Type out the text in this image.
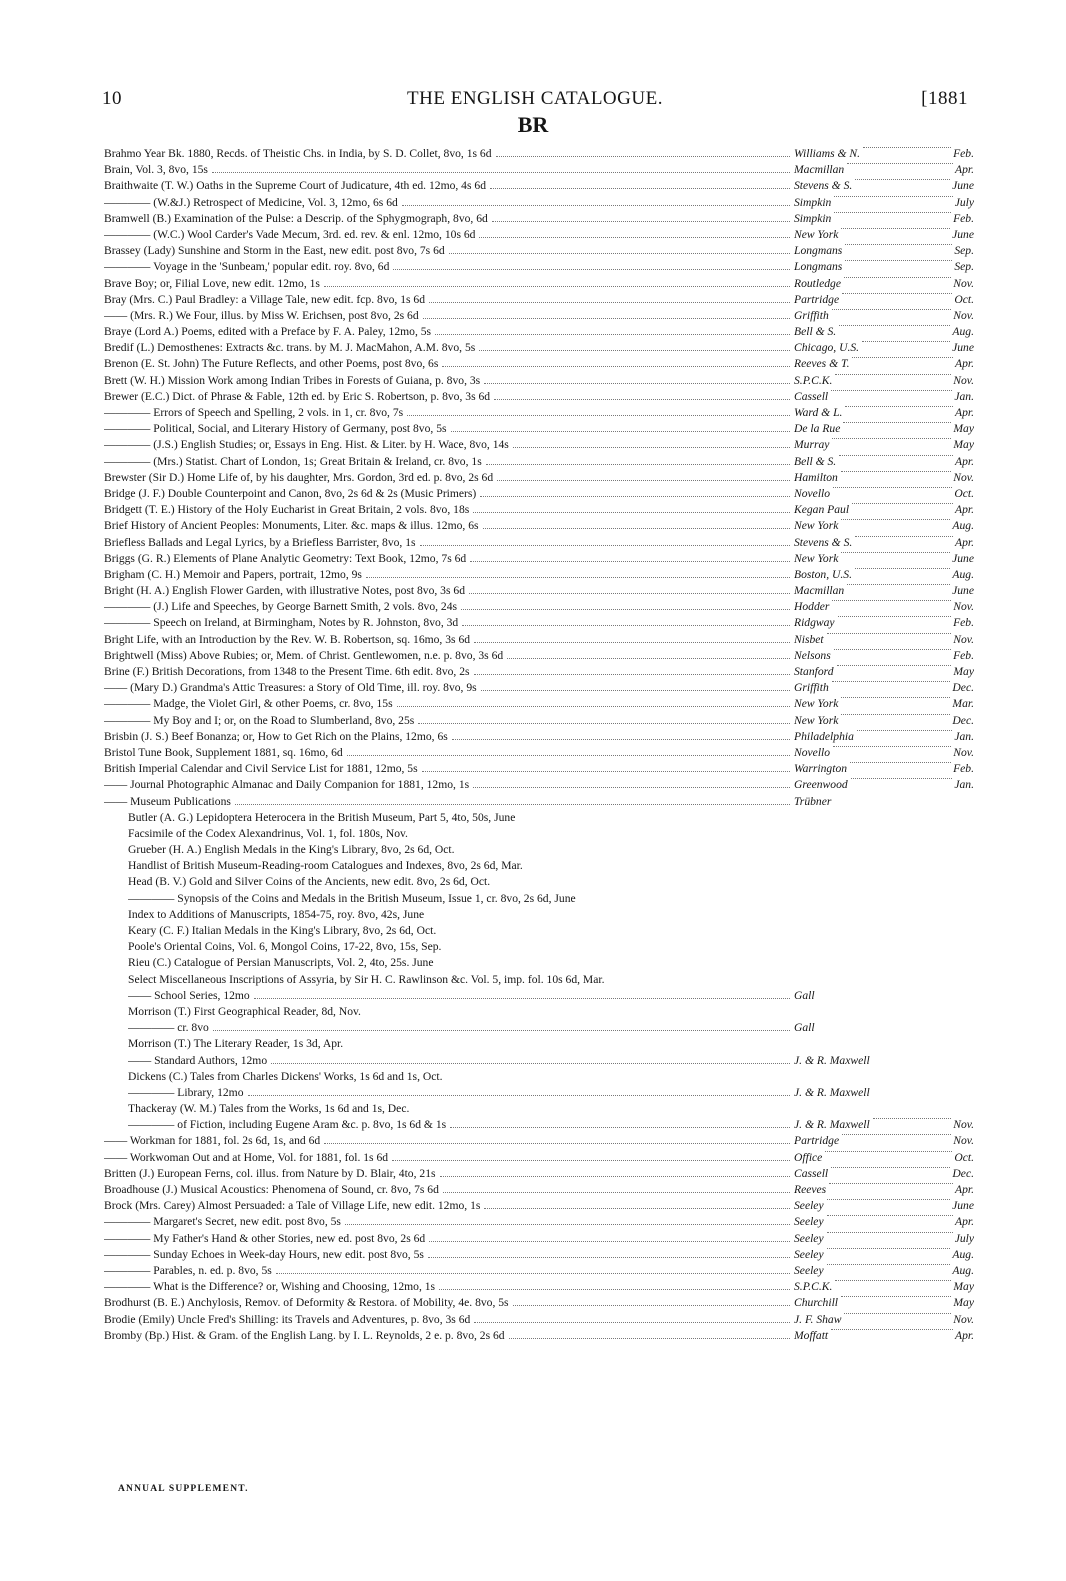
10	THE ENGLISH CATALOGUE.	[1881
BR
Brahmo Year Bk. 1880, Recds. of Theistic Chs. in India, by S. D. Collet, 8vo, 1s 6d	Williams & N.	Feb.
Brain, Vol. 3, 8vo, 15s	Macmillan	Apr.
Braithwaite (T. W.) Oaths in the Supreme Court of Judicature, 4th ed. 12mo, 4s 6d	Stevens & S.	June
———— (W.&J.) Retrospect of Medicine, Vol. 3, 12mo, 6s 6d	Simpkin	July
Bramwell (B.) Examination of the Pulse: a Descrip. of the Sphygmograph, 8vo, 6d	Simpkin	Feb.
———— (W.C.) Wool Carder's Vade Mecum, 3rd. ed. rev. & enl. 12mo, 10s 6d	New York	June
Brassey (Lady) Sunshine and Storm in the East, new edit. post 8vo, 7s 6d	Longmans	Sep.
———— Voyage in the 'Sunbeam,' popular edit. roy. 8vo, 6d	Longmans	Sep.
Brave Boy; or, Filial Love, new edit. 12mo, 1s	Routledge	Nov.
Bray (Mrs. C.) Paul Bradley: a Village Tale, new edit. fcp. 8vo, 1s 6d	Partridge	Oct.
—— (Mrs. R.) We Four, illus. by Miss W. Erichsen, post 8vo, 2s 6d	Griffith	Nov.
Braye (Lord A.) Poems, edited with a Preface by F. A. Paley, 12mo, 5s	Bell & S.	Aug.
Bredif (L.) Demosthenes: Extracts &c. trans. by M. J. MacMahon, A.M. 8vo, 5s	Chicago, U.S.	June
Brenon (E. St. John) The Future Reflects, and other Poems, post 8vo, 6s	Reeves & T.	Apr.
Brett (W. H.) Mission Work among Indian Tribes in Forests of Guiana, p. 8vo, 3s	S.P.C.K.	Nov.
Brewer (E.C.) Dict. of Phrase & Fable, 12th ed. by Eric S. Robertson, p. 8vo, 3s 6d	Cassell	Jan.
———— Errors of Speech and Spelling, 2 vols. in 1, cr. 8vo, 7s	Ward & L.	Apr.
———— Political, Social, and Literary History of Germany, post 8vo, 5s	De la Rue	May
———— (J.S.) English Studies; or, Essays in Eng. Hist. & Liter. by H. Wace, 8vo, 14s	Murray	May
———— (Mrs.) Statist. Chart of London, 1s; Great Britain & Ireland, cr. 8vo, 1s	Bell & S.	Apr.
Brewster (Sir D.) Home Life of, by his daughter, Mrs. Gordon, 3rd ed. p. 8vo, 2s 6d	Hamilton	Nov.
Bridge (J. F.) Double Counterpoint and Canon, 8vo, 2s 6d & 2s (Music Primers)	Novello	Oct.
Bridgett (T. E.) History of the Holy Eucharist in Great Britain, 2 vols. 8vo, 18s	Kegan Paul	Apr.
Brief History of Ancient Peoples: Monuments, Liter. &c. maps & illus. 12mo, 6s	New York	Aug.
Briefless Ballads and Legal Lyrics, by a Briefless Barrister, 8vo, 1s	Stevens & S.	Apr.
Briggs (G. R.) Elements of Plane Analytic Geometry: Text Book, 12mo, 7s 6d	New York	June
Brigham (C. H.) Memoir and Papers, portrait, 12mo, 9s	Boston, U.S.	Aug.
Bright (H. A.) English Flower Garden, with illustrative Notes, post 8vo, 3s 6d	Macmillan	June
———— (J.) Life and Speeches, by George Barnett Smith, 2 vols. 8vo, 24s	Hodder	Nov.
———— Speech on Ireland, at Birmingham, Notes by R. Johnston, 8vo, 3d	Ridgway	Feb.
Bright Life, with an Introduction by the Rev. W. B. Robertson, sq. 16mo, 3s 6d	Nisbet	Nov.
Brightwell (Miss) Above Rubies; or, Mem. of Christ. Gentlewomen, n.e. p. 8vo, 3s 6d	Nelsons	Feb.
Brine (F.) British Decorations, from 1348 to the Present Time. 6th edit. 8vo, 2s	Stanford	May
—— (Mary D.) Grandma's Attic Treasures: a Story of Old Time, ill. roy. 8vo, 9s	Griffith	Dec.
———— Madge, the Violet Girl, & other Poems, cr. 8vo, 15s	New York	Mar.
———— My Boy and I; or, on the Road to Slumberland, 8vo, 25s	New York	Dec.
Brisbin (J. S.) Beef Bonanza; or, How to Get Rich on the Plains, 12mo, 6s	Philadelphia	Jan.
Bristol Tune Book, Supplement 1881, sq. 16mo, 6d	Novello	Nov.
British Imperial Calendar and Civil Service List for 1881, 12mo, 5s	Warrington	Feb.
—— Journal Photographic Almanac and Daily Companion for 1881, 12mo, 1s	Greenwood	Jan.
—— Museum Publications	Trübner
Butler (A. G.) Lepidoptera Heterocera in the British Museum, Part 5, 4to, 50s, June
Facsimile of the Codex Alexandrinus, Vol. 1, fol. 180s, Nov.
Grueber (H. A.) English Medals in the King's Library, 8vo, 2s 6d, Oct.
Handlist of British Museum-Reading-room Catalogues and Indexes, 8vo, 2s 6d, Mar.
Head (B. V.) Gold and Silver Coins of the Ancients, new edit. 8vo, 2s 6d, Oct.
———— Synopsis of the Coins and Medals in the British Museum, Issue 1, cr. 8vo, 2s 6d, June
Index to Additions of Manuscripts, 1854-75, roy. 8vo, 42s, June
Keary (C. F.) Italian Medals in the King's Library, 8vo, 2s 6d, Oct.
Poole's Oriental Coins, Vol. 6, Mongol Coins, 17-22, 8vo, 15s, Sep.
Rieu (C.) Catalogue of Persian Manuscripts, Vol. 2, 4to, 25s. June
Select Miscellaneous Inscriptions of Assyria, by Sir H. C. Rawlinson &c. Vol. 5, imp. fol. 10s 6d, Mar.
—— School Series, 12mo	Gall
Morrison (T.) First Geographical Reader, 8d, Nov.
———— cr. 8vo	Gall
Morrison (T.) The Literary Reader, 1s 3d, Apr.
—— Standard Authors, 12mo	J. & R. Maxwell
Dickens (C.) Tales from Charles Dickens' Works, 1s 6d and 1s, Oct.
———— Library, 12mo	J. & R. Maxwell
Thackeray (W. M.) Tales from the Works, 1s 6d and 1s, Dec.
———— of Fiction, including Eugene Aram &c. p. 8vo, 1s 6d & 1s	J. & R. Maxwell	Nov.
—— Workman for 1881, fol. 2s 6d, 1s, and 6d	Partridge	Nov.
—— Workwoman Out and at Home, Vol. for 1881, fol. 1s 6d	Office	Oct.
Britten (J.) European Ferns, col. illus. from Nature by D. Blair, 4to, 21s	Cassell	Dec.
Broadhouse (J.) Musical Acoustics: Phenomena of Sound, cr. 8vo, 7s 6d	Reeves	Apr.
Brock (Mrs. Carey) Almost Persuaded: a Tale of Village Life, new edit. 12mo, 1s	Seeley	June
———— Margaret's Secret, new edit. post 8vo, 5s	Seeley	Apr.
———— My Father's Hand & other Stories, new ed. post 8vo, 2s 6d	Seeley	July
———— Sunday Echoes in Week-day Hours, new edit. post 8vo, 5s	Seeley	Aug.
———— Parables, n. ed. p. 8vo, 5s	Seeley	Aug.
———— What is the Difference? or, Wishing and Choosing, 12mo, 1s	S.P.C.K.	May
Brodhurst (B. E.) Anchylosis, Remov. of Deformity & Restora. of Mobility, 4e. 8vo, 5s	Churchill	May
Brodie (Emily) Uncle Fred's Shilling: its Travels and Adventures, p. 8vo, 3s 6d	J. F. Shaw	Nov.
Bromby (Bp.) Hist. & Gram. of the English Lang. by I. L. Reynolds, 2 e. p. 8vo, 2s 6d	Moffatt	Apr.
ANNUAL SUPPLEMENT.
